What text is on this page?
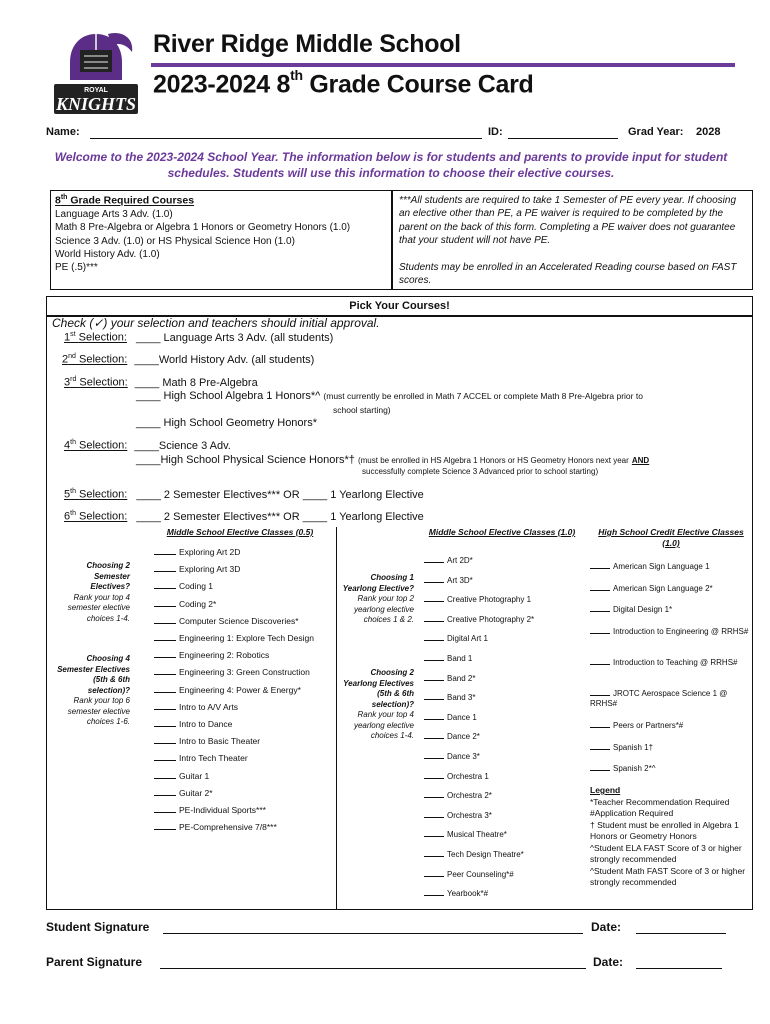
ROYAL
KNIGHTS
River Ridge Middle School
2023-2024 8th Grade Course Card
Name:	ID:	Grad Year: 2028
Welcome to the 2023-2024 School Year. The information below is for students and parents to provide input for student schedules. Students will use this information to choose their elective courses.
8th Grade Required Courses
Language Arts 3 Adv. (1.0)
Math 8 Pre-Algebra or Algebra 1 Honors or Geometry Honors (1.0)
Science 3 Adv. (1.0) or HS Physical Science Hon (1.0)
World History Adv. (1.0)
PE (.5)***
***All students are required to take 1 Semester of PE every year. If choosing an elective other than PE, a PE waiver is required to be completed by the parent on the back of this form. Completing a PE waiver does not guarantee that your student will not have PE.
Students may be enrolled in an Accelerated Reading course based on FAST scores.
Pick Your Courses!
Check (✓) your selection and teachers should initial approval.
1st Selection: ____ Language Arts 3 Adv. (all students)
2nd Selection: ____World History Adv. (all students)
3rd Selection: ____ Math 8 Pre-Algebra
____ High School Algebra 1 Honors*^ (must currently be enrolled in Math 7 ACCEL or complete Math 8 Pre-Algebra prior to
school starting)
____ High School Geometry Honors*
4th Selection: ____Science 3 Adv.
____High School Physical Science Honors*† (must be enrolled in HS Algebra 1 Honors or HS Geometry Honors next year AND
successfully complete Science 3 Advanced prior to school starting)
5th Selection: ____ 2 Semester Electives*** OR ____ 1 Yearlong Elective
6th Selection: ____ 2 Semester Electives*** OR ____ 1 Yearlong Elective
Middle School Elective Classes (0.5)	Middle School Elective Classes (1.0)	High School Credit Elective Classes (1.0)
Choosing 2 Semester Electives?
Rank your top 4 semester elective choices 1-4.
Choosing 4 Semester Electives (5th & 6th selection)?
Rank your top 6 semester elective choices 1-6.
Exploring Art 2D
Exploring Art 3D
Coding 1
Coding 2*
Computer Science Discoveries*
Engineering 1: Explore Tech Design
Engineering 2: Robotics
Engineering 3: Green Construction
Engineering 4: Power & Energy*
Intro to A/V Arts
Intro to Dance
Intro to Basic Theater
Intro Tech Theater
Guitar 1
Guitar 2*
PE-Individual Sports***
PE-Comprehensive 7/8***
Choosing 1 Yearlong Elective?
Rank your top 2 yearlong elective choices 1 & 2.
Choosing 2 Yearlong Electives (5th & 6th selection)?
Rank your top 4 yearlong elective choices 1-4.
Art 2D*
Art 3D*
Creative Photography 1
Creative Photography 2*
Digital Art 1
Band 1
Band 2*
Band 3*
Dance 1
Dance 2*
Dance 3*
Orchestra 1
Orchestra 2*
Orchestra 3*
Musical Theatre*
Tech Design Theatre*
Peer Counseling*#
Yearbook*#
American Sign Language 1
American Sign Language 2*
Digital Design 1*
Introduction to Engineering @ RRHS#
Introduction to Teaching @ RRHS#
JROTC Aerospace Science 1 @ RRHS#
Peers or Partners*#
Spanish 1†
Spanish 2*^
Legend
*Teacher Recommendation Required
#Application Required
† Student must be enrolled in Algebra 1 Honors or Geometry Honors
^Student ELA FAST Score of 3 or higher strongly recommended
^Student Math FAST Score of 3 or higher strongly recommended
Student Signature	Date:
Parent Signature	Date:
